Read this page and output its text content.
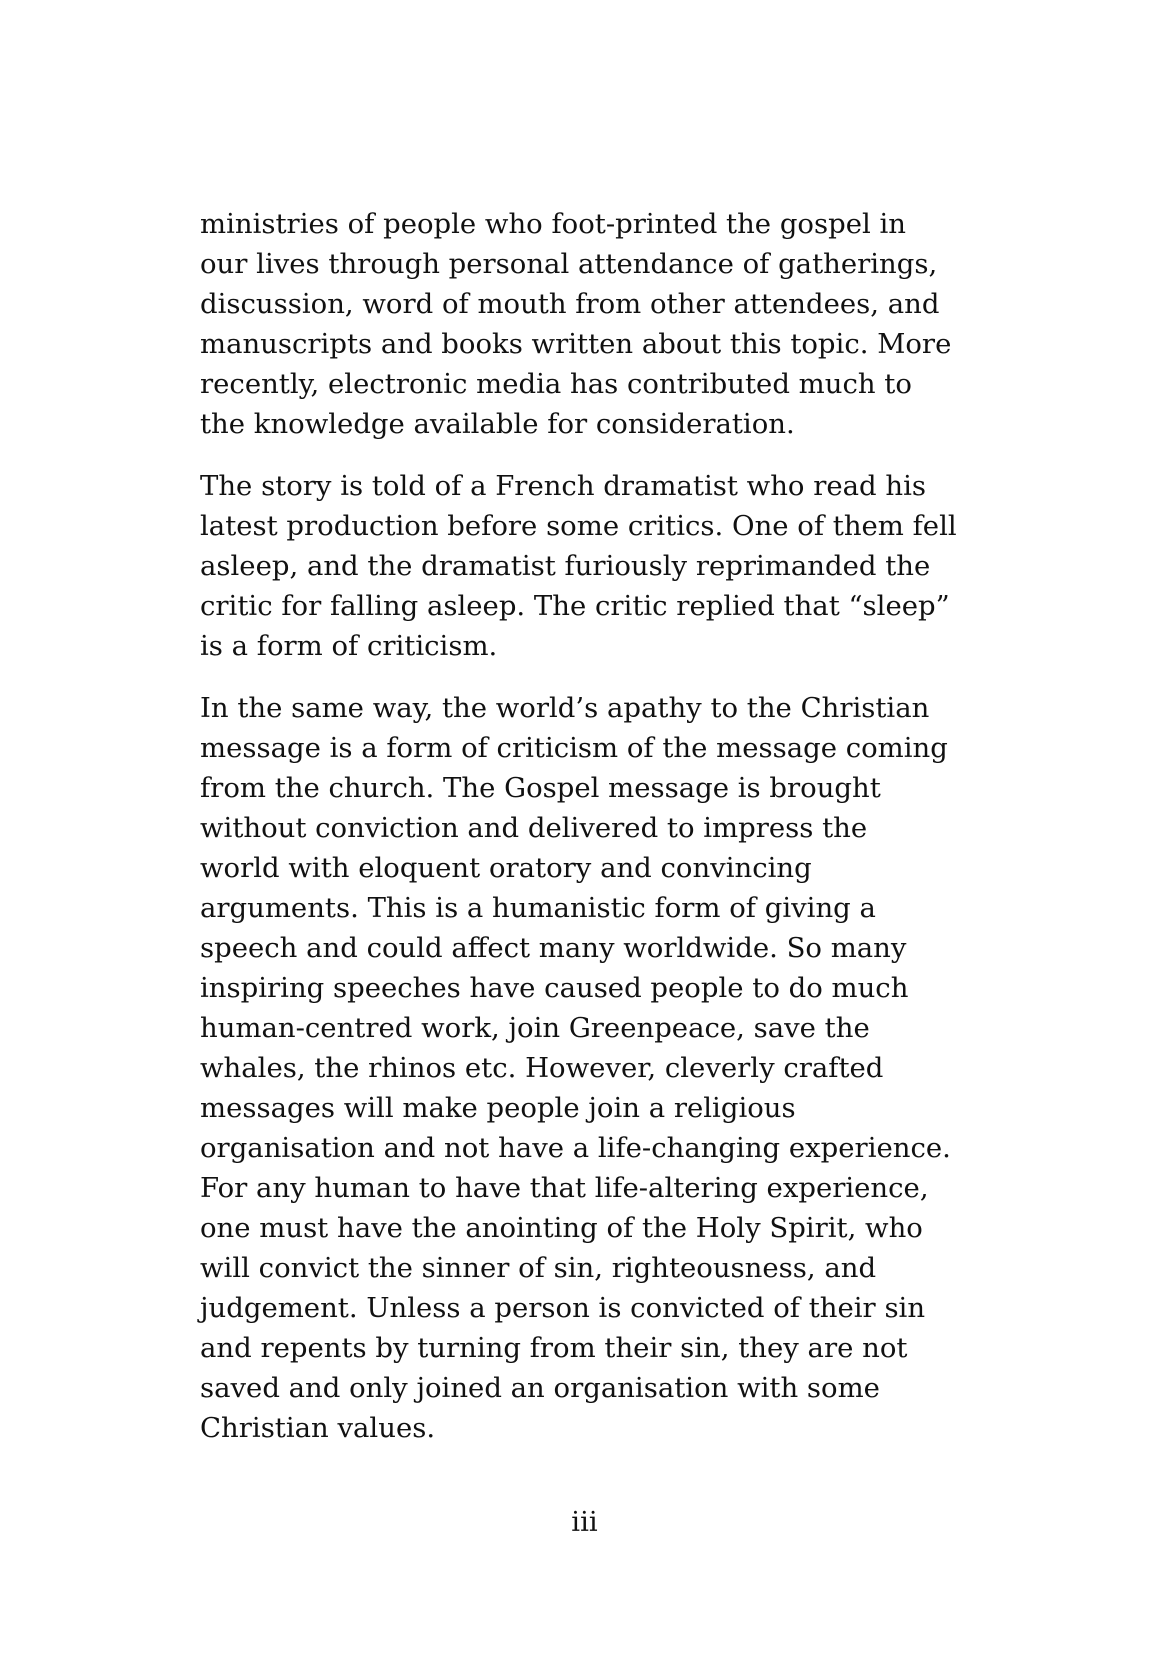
ministries of people who foot-printed the gospel in
our lives through personal attendance of gatherings,
discussion, word of mouth from other attendees, and
manuscripts and books written about this topic. More
recently, electronic media has contributed much to
the knowledge available for consideration.

The story is told of a French dramatist who read his
latest production before some critics. One of them fell
asleep, and the dramatist furiously reprimanded the
critic for falling asleep. The critic replied that “sleep”
is a form of criticism.

In the same way, the world’s apathy to the Christian
message is a form of criticism of the message coming
from the church. The Gospel message is brought
without conviction and delivered to impress the
world with eloquent oratory and convincing
arguments. This is a humanistic form of giving a
speech and could affect many worldwide. So many
inspiring speeches have caused people to do much
human-centred work, join Greenpeace, save the
whales, the rhinos etc. However, cleverly crafted
messages will make people join a religious
organisation and not have a life-changing experience.
For any human to have that life-altering experience,
one must have the anointing of the Holy Spirit, who
will convict the sinner of sin, righteousness, and
judgement. Unless a person is convicted of their sin
and repents by turning from their sin, they are not
saved and only joined an organisation with some
Christian values.

iii
